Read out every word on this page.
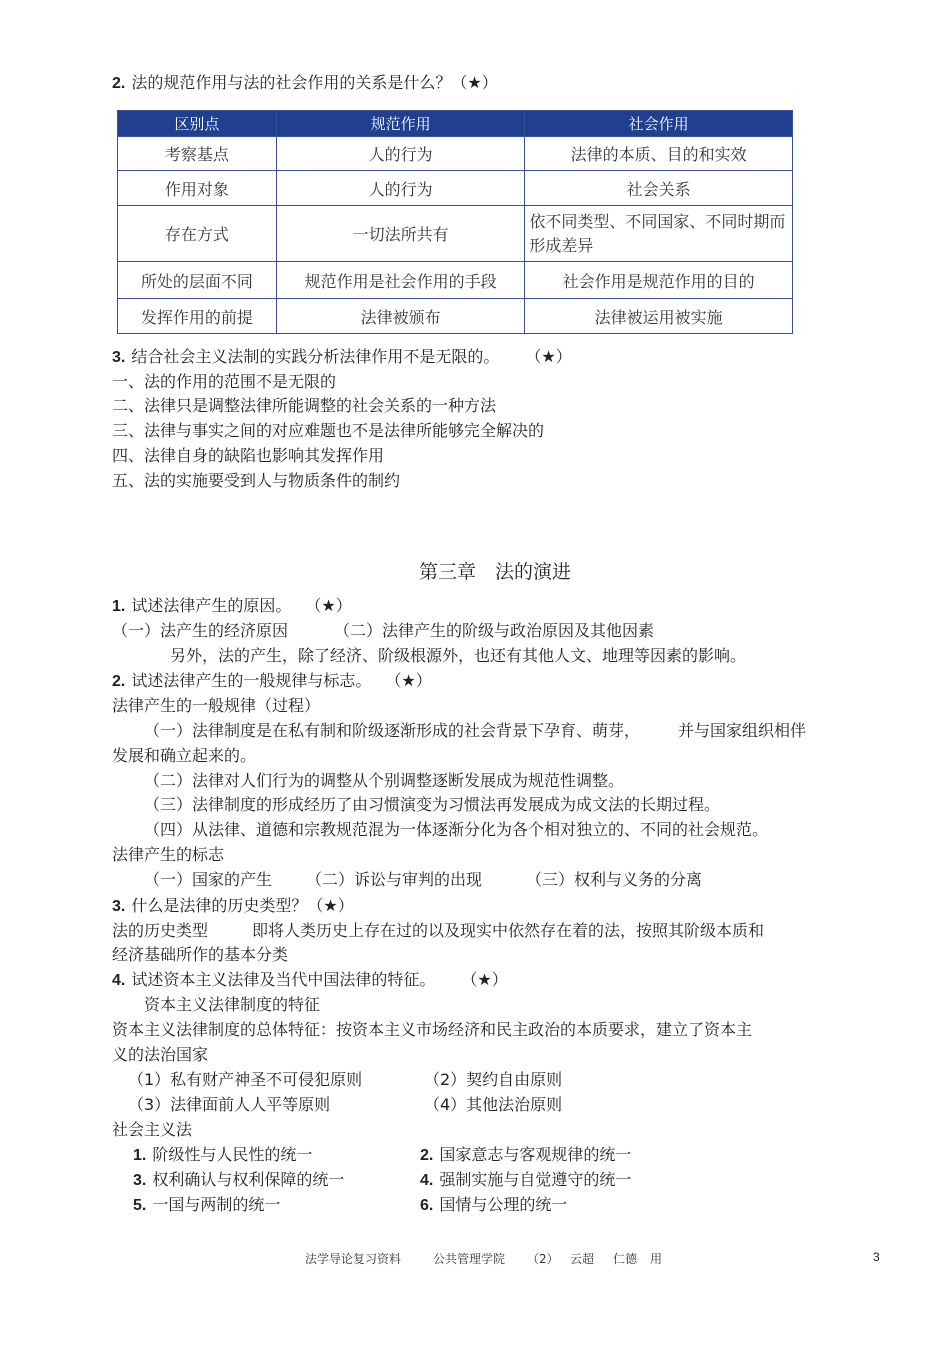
2. 法的规范作用与法的社会作用的关系是什么？（★）
区别点	规范作用	社会作用
考察基点	人的行为	法律的本质、目的和实效
作用对象	人的行为	社会关系
存在方式	一切法所共有	依不同类型、不同国家、不同时期而形成差异
所处的层面不同	规范作用是社会作用的手段	社会作用是规范作用的目的
发挥作用的前提	法律被颁布	法律被运用被实施
3. 结合社会主义法制的实践分析法律作用不是无限的。 （★）
一、法的作用的范围不是无限的
二、法律只是调整法律所能调整的社会关系的一种方法
三、法律与事实之间的对应难题也不是法律所能够完全解决的
四、法律自身的缺陷也影响其发挥作用
五、法的实施要受到人与物质条件的制约
第三章　法的演进
1. 试述法律产生的原因。 （★）
（一）法产生的经济原因	（二）法律产生的阶级与政治原因及其他因素
另外，法的产生，除了经济、阶级根源外，也还有其他人文、地理等因素的影响。
2. 试述法律产生的一般规律与标志。 （★）
法律产生的一般规律（过程）
（一）法律制度是在私有制和阶级逐渐形成的社会背景下孕育、萌芽， 并与国家组织相伴
发展和确立起来的。
（二）法律对人们行为的调整从个别调整逐断发展成为规范性调整。
（三）法律制度的形成经历了由习惯演变为习惯法再发展成为成文法的长期过程。
（四）从法律、道德和宗教规范混为一体逐渐分化为各个相对独立的、不同的社会规范。
法律产生的标志
（一）国家的产生 （二）诉讼与审判的出现	（三）权利与义务的分离
3. 什么是法律的历史类型？（★）
法的历史类型	即将人类历史上存在过的以及现实中依然存在着的法，按照其阶级本质和
经济基础所作的基本分类
4. 试述资本主义法律及当代中国法律的特征。 （★）
资本主义法律制度的特征
资本主义法律制度的总体特征：按资本主义市场经济和民主政治的本质要求，建立了资本主
义的法治国家
（1）私有财产神圣不可侵犯原则	（2）契约自由原则
（3）法律面前人人平等原则	（4）其他法治原则
社会主义法
1. 阶级性与人民性的统一	2. 国家意志与客观规律的统一
3. 权利确认与权利保障的统一	4. 强制实施与自觉遵守的统一
5. 一国与两制的统一	6. 国情与公理的统一
法学导论复习资料	公共管理学院 （2） 云超 仁德 用	3
